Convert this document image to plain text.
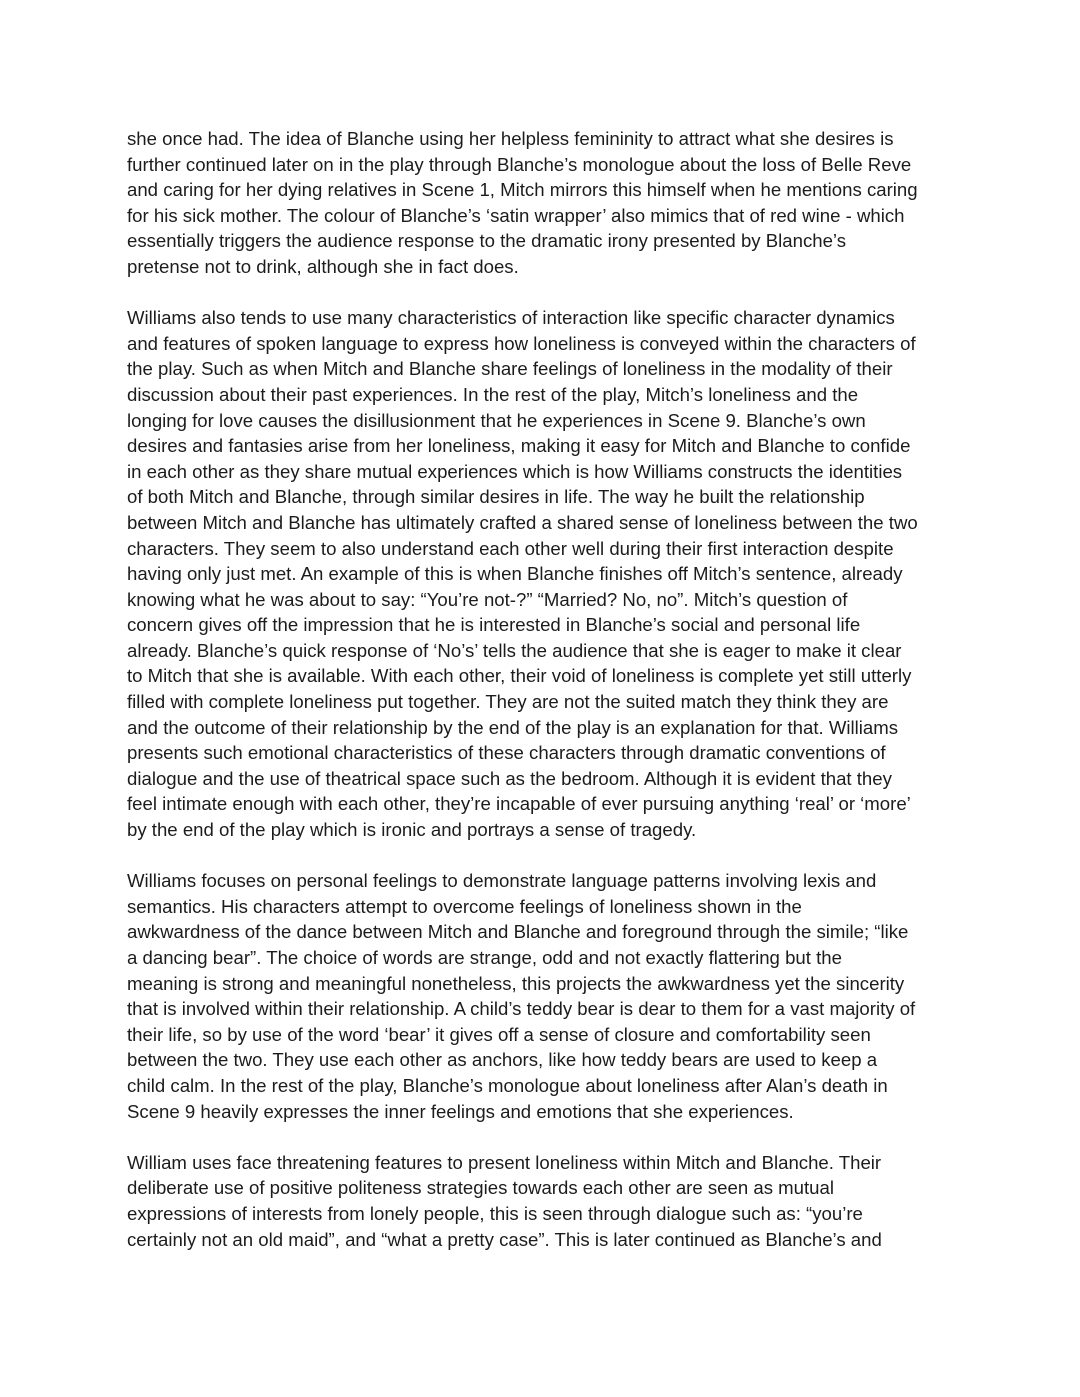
she once had. The idea of Blanche using her helpless femininity to attract what she desires is
further continued later on in the play through Blanche’s monologue about the loss of Belle Reve
and caring for her dying relatives in Scene 1, Mitch mirrors this himself when he mentions caring
for his sick mother. The colour of Blanche’s ‘satin wrapper’ also mimics that of red wine - which
essentially triggers the audience response to the dramatic irony presented by Blanche’s
pretense not to drink, although she in fact does.

Williams also tends to use many characteristics of interaction like specific character dynamics
and features of spoken language to express how loneliness is conveyed within the characters of
the play. Such as when Mitch and Blanche share feelings of loneliness in the modality of their
discussion about their past experiences. In the rest of the play, Mitch’s loneliness and the
longing for love causes the disillusionment that he experiences in Scene 9. Blanche’s own
desires and fantasies arise from her loneliness, making it easy for Mitch and Blanche to confide
in each other as they share mutual experiences which is how Williams constructs the identities
of both Mitch and Blanche, through similar desires in life. The way he built the relationship
between Mitch and Blanche has ultimately crafted a shared sense of loneliness between the two
characters. They seem to also understand each other well during their first interaction despite
having only just met. An example of this is when Blanche finishes off Mitch’s sentence, already
knowing what he was about to say: “You’re not-?” “Married? No, no”. Mitch’s question of
concern gives off the impression that he is interested in Blanche’s social and personal life
already. Blanche’s quick response of ‘No’s’ tells the audience that she is eager to make it clear
to Mitch that she is available. With each other, their void of loneliness is complete yet still utterly
filled with complete loneliness put together. They are not the suited match they think they are
and the outcome of their relationship by the end of the play is an explanation for that. Williams
presents such emotional characteristics of these characters through dramatic conventions of
dialogue and the use of theatrical space such as the bedroom. Although it is evident that they
feel intimate enough with each other, they’re incapable of ever pursuing anything ‘real’ or ‘more’
by the end of the play which is ironic and portrays a sense of tragedy.

Williams focuses on personal feelings to demonstrate language patterns involving lexis and
semantics. His characters attempt to overcome feelings of loneliness shown in the
awkwardness of the dance between Mitch and Blanche and foreground through the simile; “like
a dancing bear”. The choice of words are strange, odd and not exactly flattering but the
meaning is strong and meaningful nonetheless, this projects the awkwardness yet the sincerity
that is involved within their relationship. A child’s teddy bear is dear to them for a vast majority of
their life, so by use of the word ‘bear’ it gives off a sense of closure and comfortability seen
between the two. They use each other as anchors, like how teddy bears are used to keep a
child calm. In the rest of the play, Blanche’s monologue about loneliness after Alan’s death in
Scene 9 heavily expresses the inner feelings and emotions that she experiences.

William uses face threatening features to present loneliness within Mitch and Blanche. Their
deliberate use of positive politeness strategies towards each other are seen as mutual
expressions of interests from lonely people, this is seen through dialogue such as: “you’re
certainly not an old maid”, and “what a pretty case”. This is later continued as Blanche’s and
